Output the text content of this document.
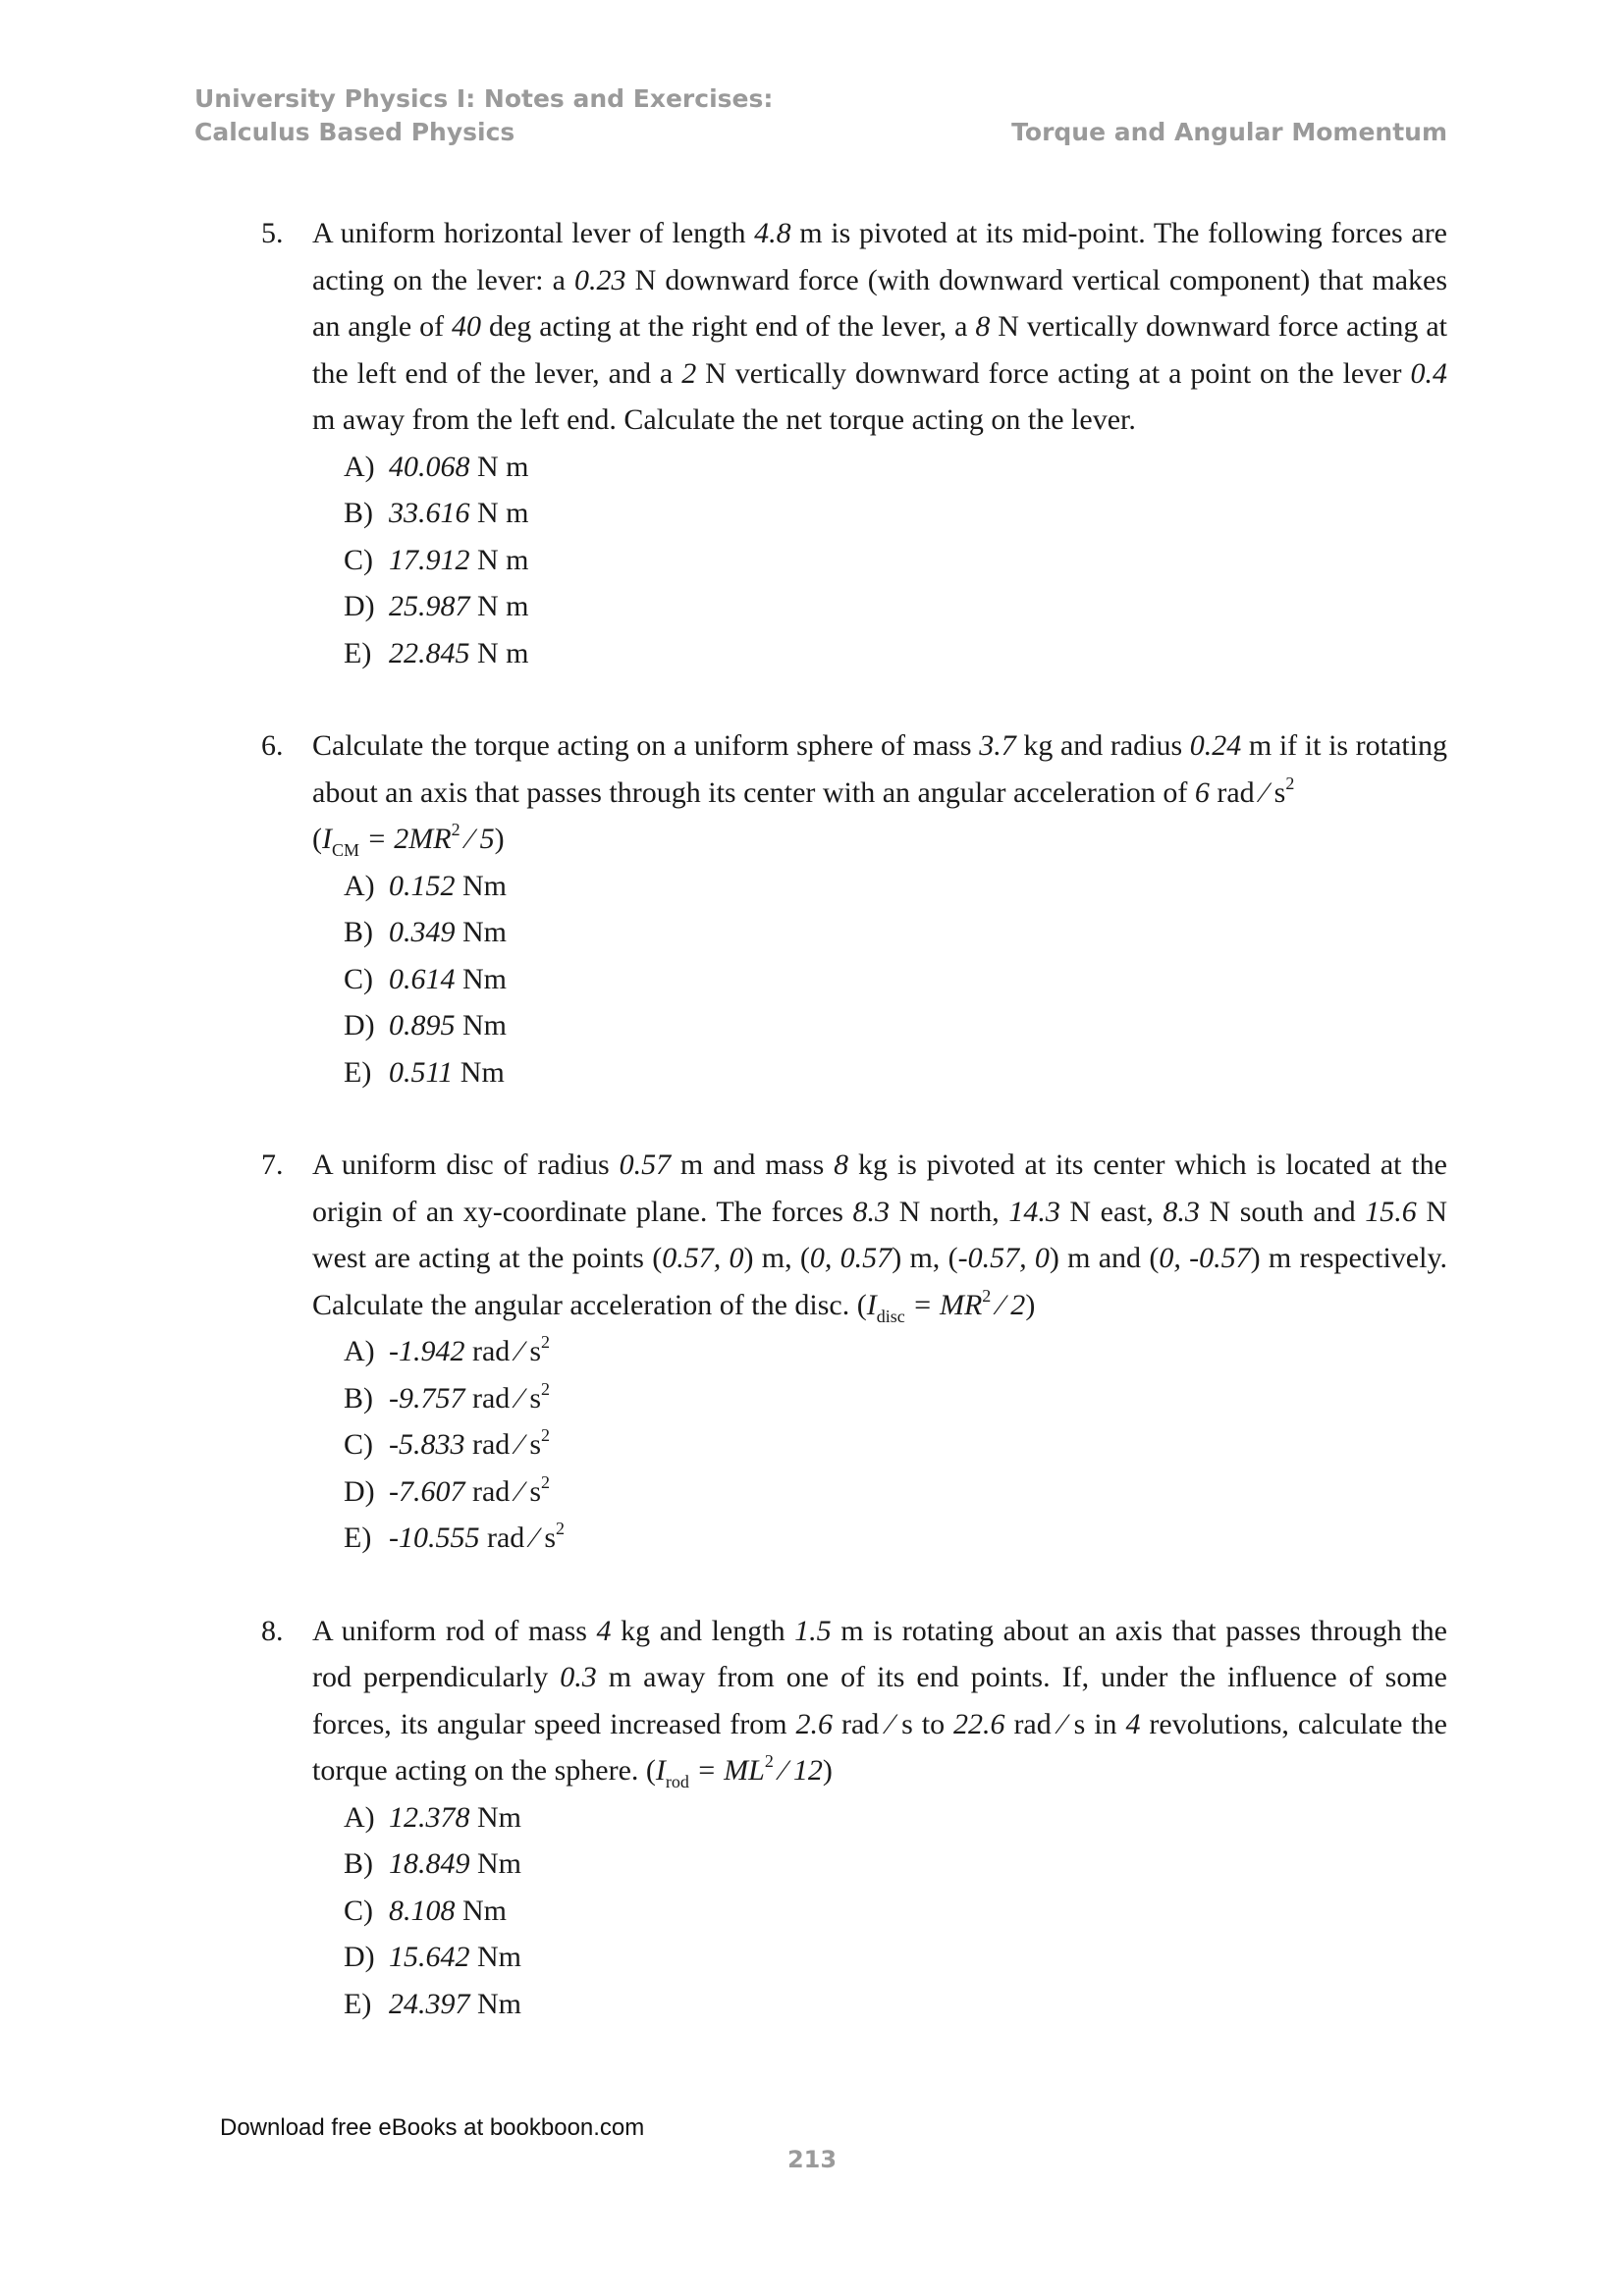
University Physics I: Notes and Exercises:
Calculus Based Physics	Torque and Angular Momentum
5. A uniform horizontal lever of length 4.8 m is pivoted at its mid-point. The following forces are acting on the lever: a 0.23 N downward force (with downward vertical component) that makes an angle of 40 deg acting at the right end of the lever, a 8 N vertically downward force acting at the left end of the lever, and a 2 N vertically downward force acting at a point on the lever 0.4 m away from the left end. Calculate the net torque acting on the lever.
A) 40.068 N m
B) 33.616 N m
C) 17.912 N m
D) 25.987 N m
E) 22.845 N m
6. Calculate the torque acting on a uniform sphere of mass 3.7 kg and radius 0.24 m if it is rotating about an axis that passes through its center with an angular acceleration of 6 rad ⁄ $s^2$
($I_{CM} = 2MR^2$ ⁄ 5)
A) 0.152 Nm
B) 0.349 Nm
C) 0.614 Nm
D) 0.895 Nm
E) 0.511 Nm
7. A uniform disc of radius 0.57 m and mass 8 kg is pivoted at its center which is located at the origin of an xy-coordinate plane. The forces 8.3 N north, 14.3 N east, 8.3 N south and 15.6 N west are acting at the points (0.57, 0) m, (0, 0.57) m, (-0.57, 0) m and (0, -0.57) m respectively. Calculate the angular acceleration of the disc. ($I_{disc} = MR^2$ ⁄ 2)
A) -1.942 rad ⁄ $s^2$
B) -9.757 rad ⁄ $s^2$
C) -5.833 rad ⁄ $s^2$
D) -7.607 rad ⁄ $s^2$
E) -10.555 rad ⁄ $s^2$
8. A uniform rod of mass 4 kg and length 1.5 m is rotating about an axis that passes through the rod perpendicularly 0.3 m away from one of its end points. If, under the influence of some forces, its angular speed increased from 2.6 rad ⁄ s to 22.6 rad ⁄ s in 4 revolutions, calculate the torque acting on the sphere. ($I_{rod} = ML^2$ ⁄ 12)
A) 12.378 Nm
B) 18.849 Nm
C) 8.108 Nm
D) 15.642 Nm
E) 24.397 Nm
Download free eBooks at bookboon.com
213
